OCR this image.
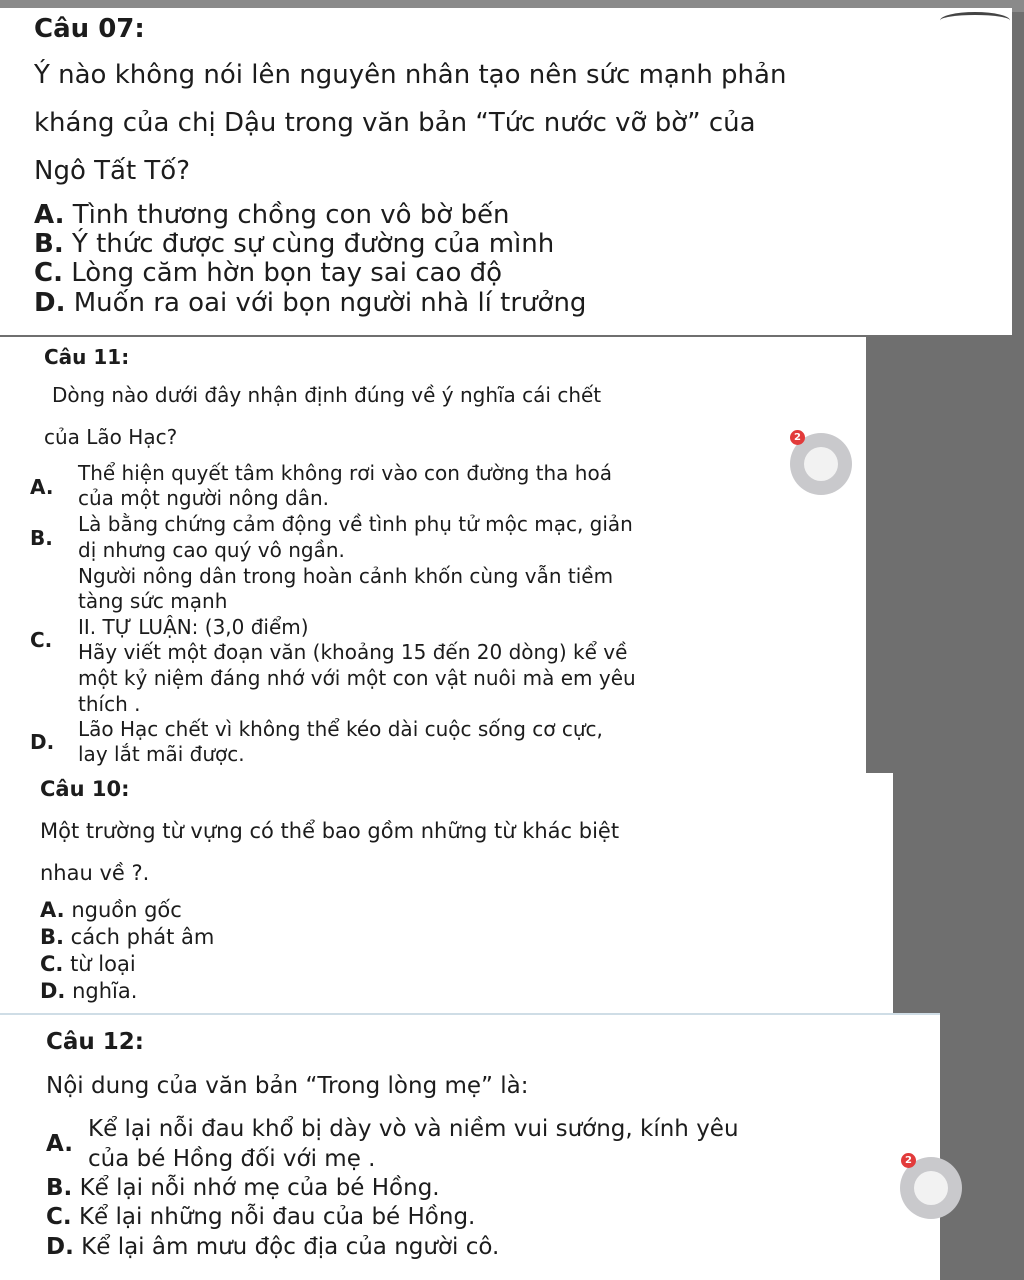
Câu 07:
Ý nào không nói lên nguyên nhân tạo nên sức mạnh phản
kháng của chị Dậu trong văn bản “Tức nước vỡ bờ” của
Ngô Tất Tố?
A. Tình thương chồng con vô bờ bến
B. Ý thức được sự cùng đường của mình
C. Lòng căm hờn bọn tay sai cao độ
D. Muốn ra oai với bọn người nhà lí trưởng
Câu 11:
Dòng nào dưới đây nhận định đúng về ý nghĩa cái chết
của Lão Hạc?	2
A.
Thể hiện quyết tâm không rơi vào con đường tha hoá
của một người nông dân.
B.
Là bằng chứng cảm động về tình phụ tử mộc mạc, giản
dị nhưng cao quý vô ngần.
C.
Người nông dân trong hoàn cảnh khốn cùng vẫn tiềm
tàng sức mạnh
II. TỰ LUẬN: (3,0 điểm)
Hãy viết một đoạn văn (khoảng 15 đến 20 dòng) kể về
một kỷ niệm đáng nhớ với một con vật nuôi mà em yêu
thích .
D.
Lão Hạc chết vì không thể kéo dài cuộc sống cơ cực,
lay lắt mãi được.
Câu 10:
Một trường từ vựng có thể bao gồm những từ khác biệt
nhau về ?.
A. nguồn gốc
B. cách phát âm
C. từ loại
D. nghĩa.
Câu 12:
Nội dung của văn bản “Trong lòng mẹ” là:
2
A.
Kể lại nỗi đau khổ bị dày vò và niềm vui sướng, kính yêu
của bé Hồng đối với mẹ .
B. Kể lại nỗi nhớ mẹ của bé Hồng.
C. Kể lại những nỗi đau của bé Hồng.
D. Kể lại âm mưu độc địa của người cô.
